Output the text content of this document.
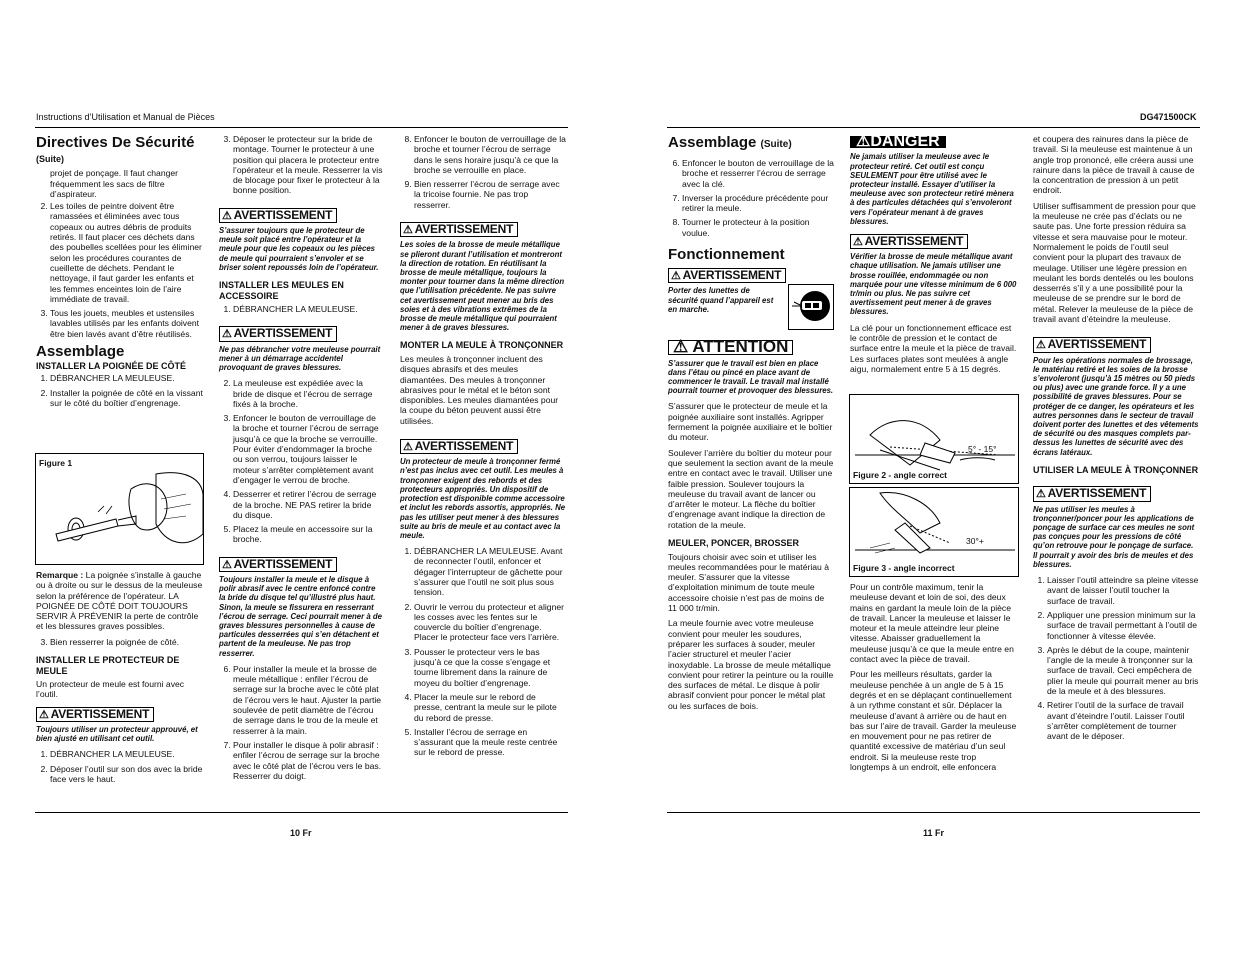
Instructions d’Utilisation et Manual de Pièces	DG471500CK
Directives De Sécurité
(Suite)

projet de ponçage. Il faut changer fréquemment les sacs de filtre d’aspirateur.

2. Les toiles de peintre doivent être ramassées et éliminées avec tous copeaux ou autres débris de produits retirés. Il faut placer ces déchets dans des poubelles scellées pour les éliminer selon les procédures courantes de cueillette de déchets. Pendant le nettoyage, il faut garder les enfants et les femmes enceintes loin de l’aire immédiate de travail.
3. Tous les jouets, meubles et ustensiles lavables utilisés par les enfants doivent être bien lavés avant d’être réutilisés.
Assemblage
INSTALLER LA POIGNÉE DE CÔTÉ
1. DÉBRANCHER LA MEULEUSE.
2. Installer la poignée de côté en la vissant sur le côté du boîtier d’engrenage.
Figure 1

Remarque : La poignée s’installe à gauche ou à droite ou sur le dessus de la meuleuse selon la préférence de l’opérateur. LA POIGNÉE DE CÔTÉ DOIT TOUJOURS SERVIR À PRÉVENIR la perte de contrôle et les blessures graves possibles.

3. Bien resserrer la poignée de côté.
INSTALLER LE PROTECTEUR DE MEULE

Un protecteur de meule est fourni avec l’outil.

⚠ AVERTISSEMENT
Toujours utiliser un protecteur approuvé, et bien ajusté en utilisant cet outil.
1. DÉBRANCHER LA MEULEUSE.
2. Déposer l’outil sur son dos avec la bride face vers le haut.
3. Déposer le protecteur sur la bride de montage. Tourner le protecteur à une position qui placera le protecteur entre l’opérateur et la meule. Resserrer la vis de blocage pour fixer le protecteur à la bonne position.
⚠ AVERTISSEMENT
S’assurer toujours que le protecteur de meule soit placé entre l’opérateur et la meule pour que les copeaux ou les pièces de meule qui pourraient s’envoler et se briser soient repoussés loin de l’opérateur.
INSTALLER LES MEULES EN ACCESSOIRE
1. DÉBRANCHER LA MEULEUSE.
⚠ AVERTISSEMENT
Ne pas débrancher votre meuleuse pourrait mener à un démarrage accidentel provoquant de graves blessures.
2. La meuleuse est expédiée avec la bride de disque et l’écrou de serrage fixés à la broche.
3. Enfoncer le bouton de verrouillage de la broche et tourner l’écrou de serrage jusqu’à ce que la broche se verrouille. Pour éviter d’endommager la broche ou son verrou, toujours laisser le moteur s’arrêter complètement avant d’engager le verrou de broche.
4. Desserrer et retirer l’écrou de serrage de la broche. NE PAS retirer la bride du disque.
5. Placez la meule en accessoire sur la broche.
⚠ AVERTISSEMENT
Toujours installer la meule et le disque à polir abrasif avec le centre enfoncé contre la bride du disque tel qu’illustré plus haut. Sinon, la meule se fissurera en resserrant l’écrou de serrage. Ceci pourrait mener à de graves blessures personnelles à cause de particules desserrées qui s’en détachent et partent de la meuleuse. Ne pas trop resserrer.
6. Pour installer la meule et la brosse de meule métallique : enfiler l’écrou de serrage sur la broche avec le côté plat de l’écrou vers le haut. Ajuster la partie soulevée de petit diamètre de l’écrou de serrage dans le trou de la meule et resserrer à la main.
7. Pour installer le disque à polir abrasif : enfiler l’écrou de serrage sur la broche avec le côté plat de l’écrou vers le bas. Resserrer du doigt.
8. Enfoncer le bouton de verrouillage de la broche et tourner l’écrou de serrage dans le sens horaire jusqu’à ce que la broche se verrouille en place.
9. Bien resserrer l’écrou de serrage avec la tricoise fournie. Ne pas trop resserrer.
⚠ AVERTISSEMENT
Les soies de la brosse de meule métallique se plieront durant l’utilisation et montreront la direction de rotation. En réutilisant la brosse de meule métallique, toujours la monter pour tourner dans la même direction que l’utilisation précédente. Ne pas suivre cet avertissement peut mener au bris des soies et à des vibrations extrêmes de la brosse de meule métallique qui pourraient mener à de graves blessures.
MONTER LA MEULE À TRONÇONNER

Les meules à tronçonner incluent des disques abrasifs et des meules diamantées. Des meules à tronçonner abrasives pour le métal et le béton sont disponibles. Les meules diamantées pour la coupe du béton peuvent aussi être utilisées.

⚠ AVERTISSEMENT
Un protecteur de meule à tronçonner fermé n’est pas inclus avec cet outil. Les meules à tronçonner exigent des rebords et des protecteurs appropriés. Un dispositif de protection est disponible comme accessoire et inclut les rebords assortis, appropriés. Ne pas les utiliser peut mener à des blessures suite au bris de meule et au contact avec la meule.
1. DÉBRANCHER LA MEULEUSE. Avant de reconnecter l’outil, enfoncer et dégager l’interrupteur de gâchette pour s’assurer que l’outil ne soit plus sous tension.
2. Ouvrir le verrou du protecteur et aligner les cosses avec les fentes sur le couvercle du boîtier d’engrenage. Placer le protecteur face vers l’arrière.
3. Pousser le protecteur vers le bas jusqu’à ce que la cosse s’engage et tourne librement dans la rainure de moyeu du boîtier d’engrenage.
4. Placer la meule sur le rebord de presse, centrant la meule sur le pilote du rebord de presse.
5. Installer l’écrou de serrage en s’assurant que la meule reste centrée sur le rebord de presse.
Assemblage (Suite)
6. Enfoncer le bouton de verrouillage de la broche et resserrer l’écrou de serrage avec la clé.
7. Inverser la procédure précédente pour retirer la meule.
8. Tourner le protecteur à la position voulue.
Fonctionnement
⚠ AVERTISSEMENT
Porter des lunettes de sécurité quand l’appareil est en marche.
⚠ ATTENTION
S’assurer que le travail est bien en place dans l’étau ou pincé en place avant de commencer le travail. Le travail mal installé pourrait tourner et provoquer des blessures.

S’assurer que le protecteur de meule et la poignée auxiliaire sont installés. Agripper fermement la poignée auxiliaire et le boîtier du moteur.

Soulever l’arrière du boîtier du moteur pour que seulement la section avant de la meule entre en contact avec le travail. Utiliser une faible pression. Soulever toujours la meuleuse du travail avant de lancer ou d’arrêter le moteur. La flèche du boîtier d’engrenage avant indique la direction de rotation de la meule.

MEULER, PONCER, BROSSER

Toujours choisir avec soin et utiliser les meules recommandées pour le matériau à meuler. S’assurer que la vitesse d’exploitation minimum de toute meule accessoire choisie n’est pas de moins de 11 000 tr/min.

La meule fournie avec votre meuleuse convient pour meuler les soudures, préparer les surfaces à souder, meuler l’acier structurel et meuler l’acier inoxydable. La brosse de meule métallique convient pour retirer la peinture ou la rouille des surfaces de métal. Le disque à polir abrasif convient pour poncer le métal plat ou les surfaces de bois.

⚠DANGER
Ne jamais utiliser la meuleuse avec le protecteur retiré. Cet outil est conçu SEULEMENT pour être utilisé avec le protecteur installé. Essayer d’utiliser la meuleuse avec son protecteur retiré mènera à des particules détachées qui s’envoleront vers l’opérateur menant à de graves blessures.
⚠ AVERTISSEMENT
Vérifier la brosse de meule métallique avant chaque utilisation. Ne jamais utiliser une brosse rouillée, endommagée ou non marquée pour une vitesse minimum de 6 000 tr/min ou plus. Ne pas suivre cet avertissement peut mener à de graves blessures.

La clé pour un fonctionnement efficace est le contrôle de pression et le contact de surface entre la meule et la pièce de travail. Les surfaces plates sont meulées à angle aigu, normalement entre 5 à 15 degrés.

5° - 15°
Figure 2 - angle correct
30°+
Figure 3 - angle incorrect

Pour un contrôle maximum, tenir la meuleuse devant et loin de soi, des deux mains en gardant la meule loin de la pièce de travail. Lancer la meuleuse et laisser le moteur et la meule atteindre leur pleine vitesse. Abaisser graduellement la meuleuse jusqu’à ce que la meule entre en contact avec la pièce de travail.

Pour les meilleurs résultats, garder la meuleuse penchée à un angle de 5 à 15 degrés et en se déplaçant continuellement à un rythme constant et sûr. Déplacer la meuleuse d’avant à arrière ou de haut en bas sur l’aire de travail. Garder la meuleuse en mouvement pour ne pas retirer de quantité excessive de matériau d’un seul endroit. Si la meuleuse reste trop longtemps à un endroit, elle enfoncera

et coupera des rainures dans la pièce de travail. Si la meuleuse est maintenue à un angle trop prononcé, elle créera aussi une rainure dans la pièce de travail à cause de la concentration de pression à un petit endroit.

Utiliser suffisamment de pression pour que la meuleuse ne crée pas d’éclats ou ne saute pas. Une forte pression réduira sa vitesse et sera mauvaise pour le moteur. Normalement le poids de l’outil seul convient pour la plupart des travaux de meulage. Utiliser une légère pression en meulant les bords dentelés ou les boulons desserrés s’il y a une possibilité pour la meuleuse de se prendre sur le bord de métal. Relever la meuleuse de la pièce de travail avant d’éteindre la meuleuse.

⚠ AVERTISSEMENT
Pour les opérations normales de brossage, le matériau retiré et les soies de la brosse s’envoleront (jusqu’à 15 mètres ou 50 pieds ou plus) avec une grande force. Il y a une possibilité de graves blessures. Pour se protéger de ce danger, les opérateurs et les autres personnes dans le secteur de travail doivent porter des lunettes et des vêtements de sécurité ou des masques complets par-dessus les lunettes de sécurité avec des écrans latéraux.
UTILISER LA MEULE À TRONÇONNER
⚠ AVERTISSEMENT
Ne pas utiliser les meules à tronçonner/poncer pour les applications de ponçage de surface car ces meules ne sont pas conçues pour les pressions de côté qu’on retrouve pour le ponçage de surface. Il pourrait y avoir des bris de meules et des blessures.
1. Laisser l’outil atteindre sa pleine vitesse avant de laisser l’outil toucher la surface de travail.
2. Appliquer une pression minimum sur la surface de travail permettant à l’outil de fonctionner à vitesse élevée.
3. Après le début de la coupe, maintenir l’angle de la meule à tronçonner sur la surface de travail. Ceci empêchera de plier la meule qui pourrait mener au bris de la meule et à des blessures.
4. Retirer l’outil de la surface de travail avant d’éteindre l’outil. Laisser l’outil s’arrêter complètement de tourner avant de le déposer.
10 Fr	11 Fr
